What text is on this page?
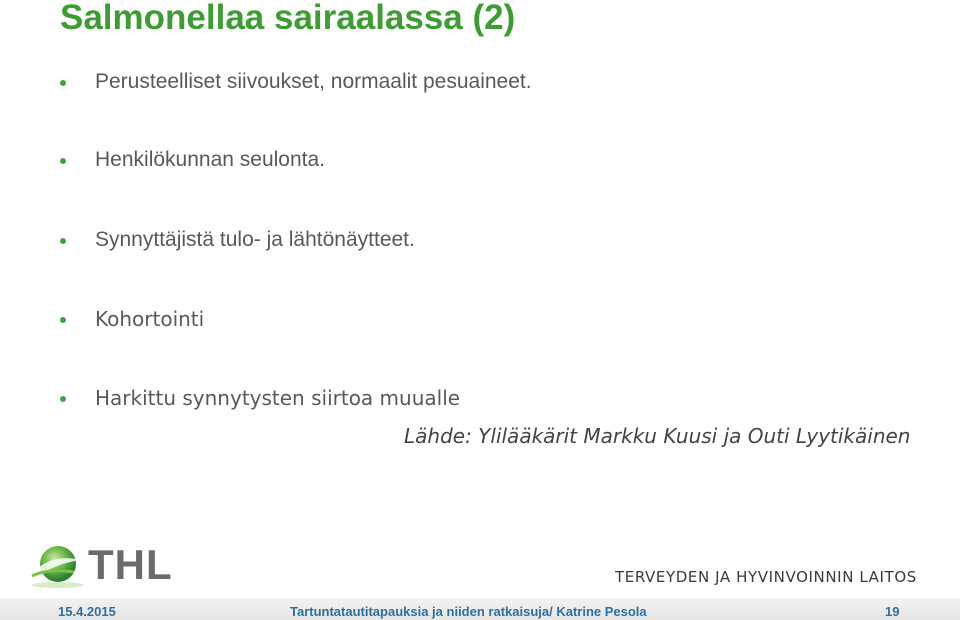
Salmonellaa sairaalassa (2)
Perusteelliset siivoukset, normaalit pesuaineet.
Henkilökunnan seulonta.
Synnyttäjistä tulo- ja lähtönäytteet.
Kohortointi
Harkittu synnytysten siirtoa muualle
Lähde: Ylilääkärit Markku Kuusi ja Outi Lyytikäinen
THL	TERVEYDEN JA HYVINVOINNIN LAITOS
15.4.2015	Tartuntatautitapauksia ja niiden ratkaisuja/ Katrine Pesola	19
